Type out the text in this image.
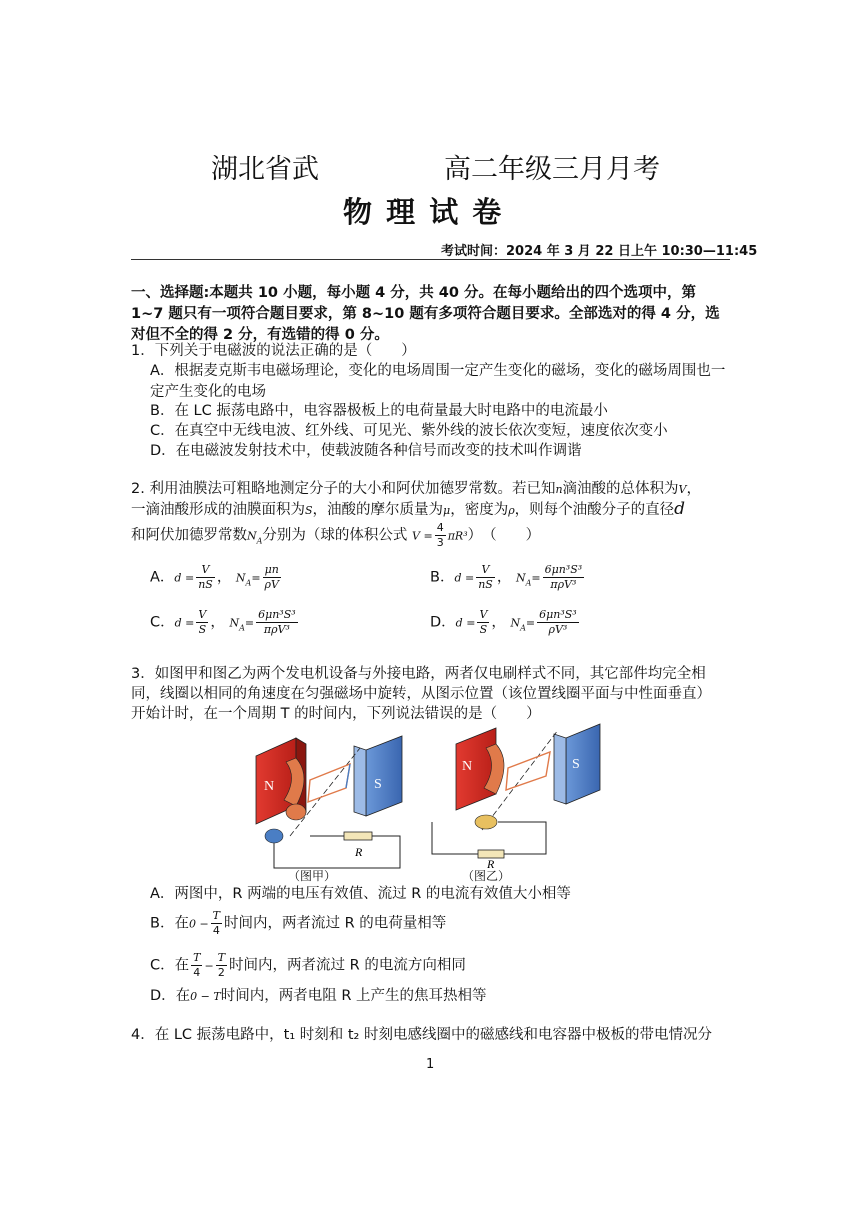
湖北省武	高二年级三月月考
物 理 试 卷
考试时间：2024 年 3 月 22 日上午 10:30—11:45
一、选择题:本题共 10 小题，每小题 4 分，共 40 分。在每小题给出的四个选项中，第 1~7 题只有一项符合题目要求，第 8~10 题有多项符合题目要求。全部选对的得 4 分，选对但不全的得 2 分，有选错的得 0 分。
1．下列关于电磁波的说法正确的是（　　）
A．根据麦克斯韦电磁场理论，变化的电场周围一定产生变化的磁场，变化的磁场周围也一定产生变化的电场
B．在 LC 振荡电路中，电容器极板上的电荷量最大时电路中的电流最小
C．在真空中无线电波、红外线、可见光、紫外线的波长依次变短，速度依次变小
D．在电磁波发射技术中，使载波随各种信号而改变的技术叫作调谐
2. 利用油膜法可粗略地测定分子的大小和阿伏加德罗常数。若已知n滴油酸的总体积为V，
一滴油酸形成的油膜面积为S，油酸的摩尔质量为μ，密度为ρ，则每个油酸分子的直径d
和阿伏加德罗常数$N_A$分别为（球的体积公式 $V = \frac{4}{3} \pi R^3$）　（　　）
A．$d = \frac{V}{nS}$ ， $N_A= \frac{\mu n}{\rho V}$	B．$d = \frac{V}{nS}$ ， $N_A= \frac{\text{6μn³S³}}{\text{πρV³}}$
C．$d = \frac{V}{S}$ ， $N_A= \frac{\text{6μn³S³}}{\text{πρV³}}$	D．$d = \frac{V}{S}$ ， $N_A= \frac{\text{6μn³S³}}{\text{ρV³}}$
3．如图甲和图乙为两个发电机设备与外接电路，两者仅电刷样式不同，其它部件均完全相
同，线圈以相同的角速度在匀强磁场中旋转，从图示位置（该位置线圈平面与中性面垂直）
开始计时，在一个周期 T 的时间内，下列说法错误的是（　　）
N	S
R
N	S
R
（图甲）	（图乙）
A．两图中，R 两端的电压有效值、流过 R 的电流有效值大小相等
B．在$0 - \frac{T}{4}$ 时间内，两者流过 R 的电荷量相等
C．在 $\frac{T}{4} - \frac{T}{2}$ 时间内，两者流过 R 的电流方向相同
D．在0 − T时间内，两者电阻 R 上产生的焦耳热相等
4．在 LC 振荡电路中，t₁ 时刻和 t₂ 时刻电感线圈中的磁感线和电容器中极板的带电情况分
1
